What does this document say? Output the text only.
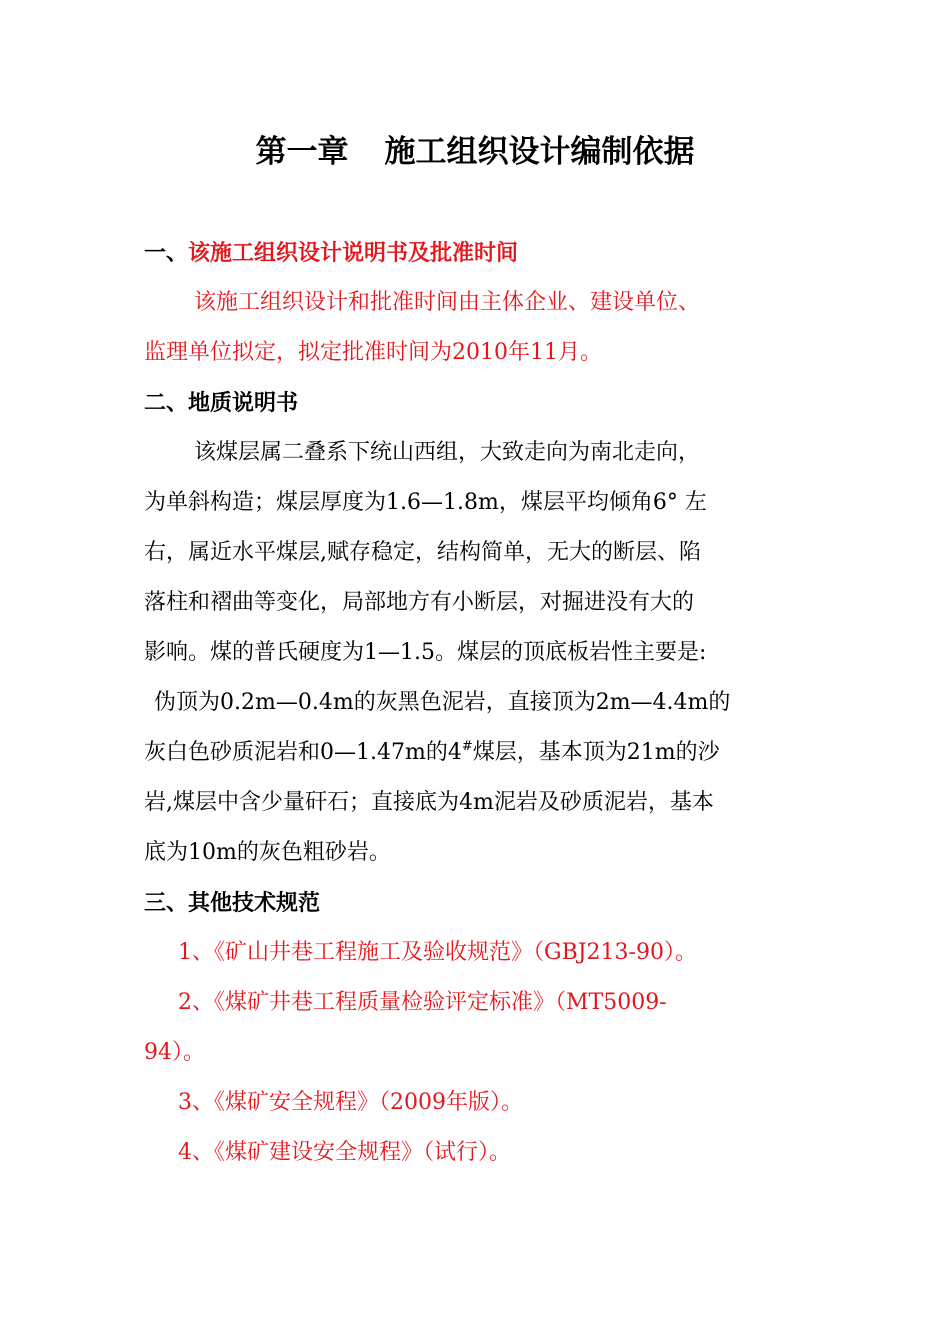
第一章 施工组织设计编制依据
一、该施工组织设计说明书及批准时间
该施工组织设计和批准时间由主体企业、建设单位、
监理单位拟定，拟定批准时间为2010年11月。
二、地质说明书
该煤层属二叠系下统山西组，大致走向为南北走向，
为单斜构造；煤层厚度为1.6—1.8m，煤层平均倾角6° 左
右，属近水平煤层,赋存稳定，结构简单，无大的断层、陷
落柱和褶曲等变化，局部地方有小断层，对掘进没有大的
影响。煤的普氏硬度为1—1.5。煤层的顶底板岩性主要是:
伪顶为0.2m—0.4m的灰黑色泥岩，直接顶为2m—4.4m的
灰白色砂质泥岩和0—1.47m的4#煤层，基本顶为21m的沙
岩,煤层中含少量矸石；直接底为4m泥岩及砂质泥岩，基本
底为10m的灰色粗砂岩。
三、其他技术规范
1、《矿山井巷工程施工及验收规范》（GBJ213-90）。
2、《煤矿井巷工程质量检验评定标准》（MT5009-
94）。
3、《煤矿安全规程》（2009年版）。
4、《煤矿建设安全规程》（试行）。
